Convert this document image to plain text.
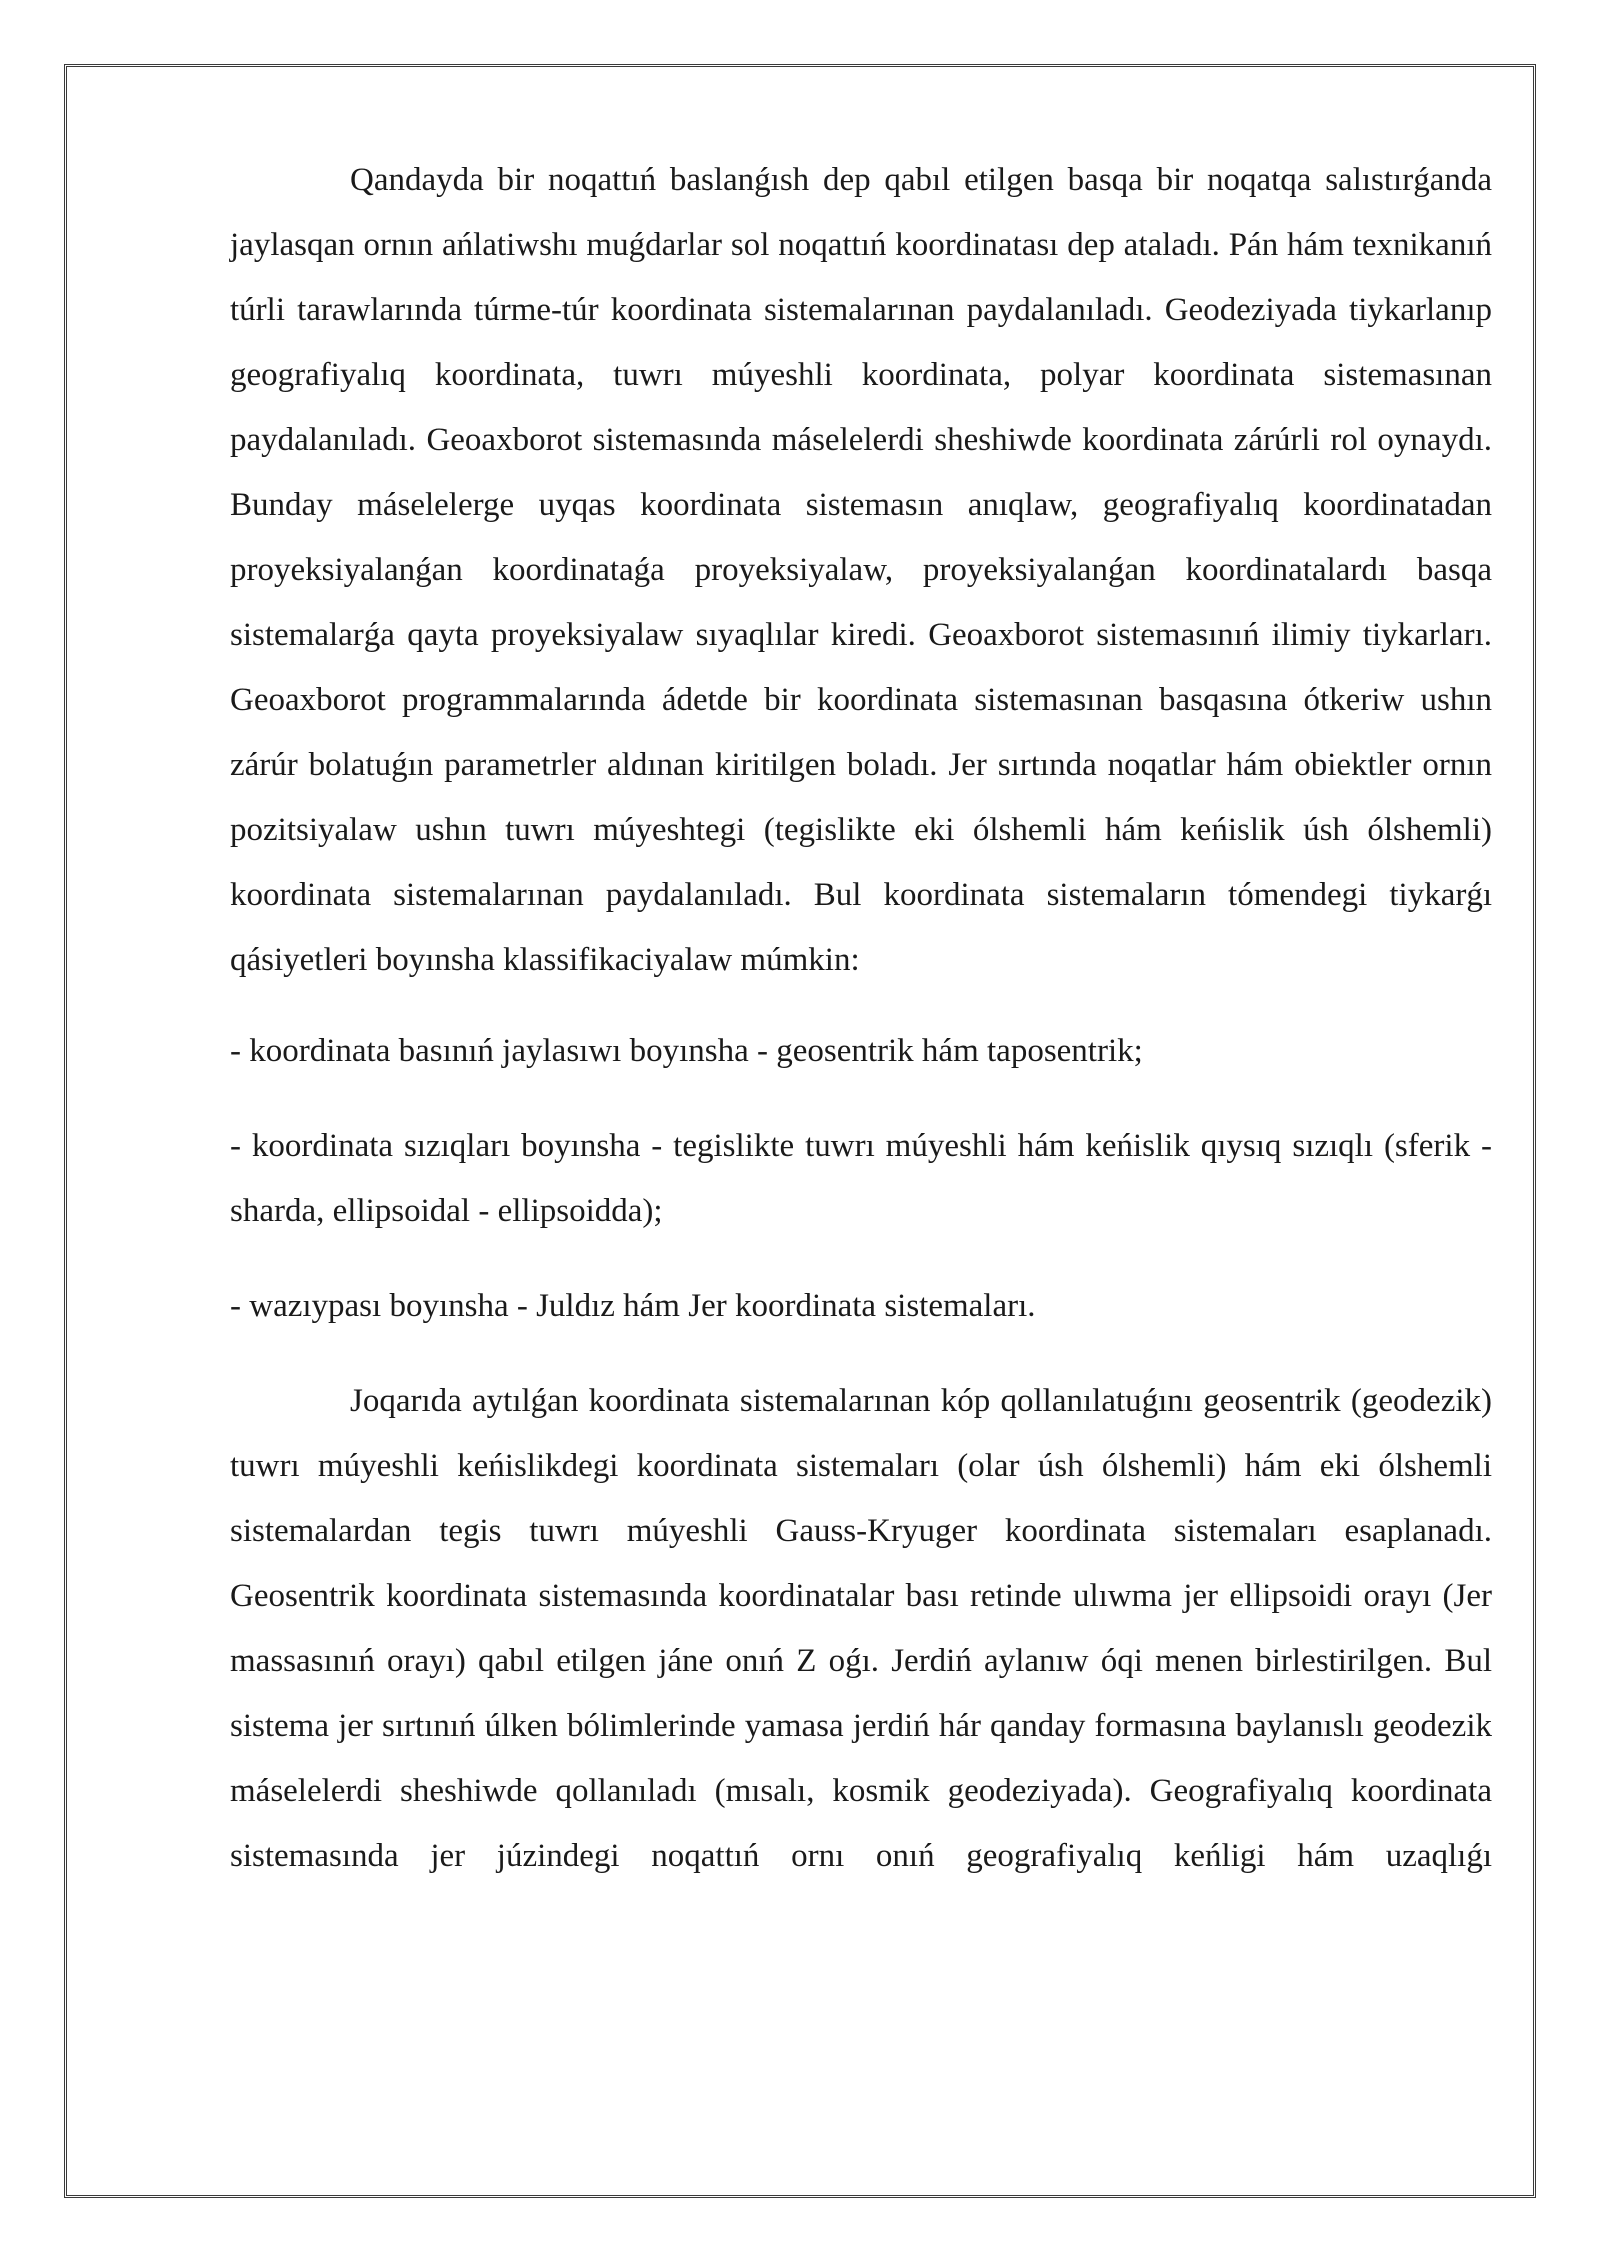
Qandayda bir noqattıń baslanǵısh dep qabıl etilgen basqa bir noqatqa salıstırǵanda jaylasqan ornın ańlatiwshı muǵdarlar sol noqattıń koordinatası dep ataladı. Pán hám texnikanıń túrli tarawlarında túrme-túr koordinata sistemalarınan paydalanıladı. Geodeziyada tiykarlanıp geografiyalıq koordinata, tuwrı múyeshli koordinata, polyar koordinata sistemasınan paydalanıladı. Geoaxborot sistemasında máselelerdi sheshiwde koordinata zárúrli rol oynaydı. Bunday máselelerge uyqas koordinata sistemasın anıqlaw, geografiyalıq koordinatadan proyeksiyalanǵan koordinataǵa proyeksiyalaw, proyeksiyalanǵan koordinatalardı basqa sistemalarǵa qayta proyeksiyalaw sıyaqlılar kiredi. Geoaxborot sistemasınıń ilimiy tiykarları. Geoaxborot programmalarında ádetde bir koordinata sistemasınan basqasına ótkeriw ushın zárúr bolatuǵın parametrler aldınan kiritilgen boladı. Jer sırtında noqatlar hám obiektler ornın pozitsiyalaw ushın tuwrı múyeshtegi (tegislikte eki ólshemli hám keńislik úsh ólshemli) koordinata sistemalarınan paydalanıladı. Bul koordinata sistemaların tómendegi tiykarǵı qásiyetleri boyınsha klassifikaciyalaw múmkin:

- koordinata basınıń jaylasıwı boyınsha - geosentrik hám taposentrik;

- koordinata sızıqları boyınsha - tegislikte tuwrı múyeshli hám keńislik qıysıq sızıqlı (sferik - sharda, ellipsoidal - ellipsoidda);

- wazıypası boyınsha - Juldız hám Jer koordinata sistemaları.

Joqarıda aytılǵan koordinata sistemalarınan kóp qollanılatuǵını geosentrik (geodezik) tuwrı múyeshli keńislikdegi koordinata sistemaları (olar úsh ólshemli) hám eki ólshemli sistemalardan tegis tuwrı múyeshli Gauss-Kryuger koordinata sistemaları esaplanadı. Geosentrik koordinata sistemasında koordinatalar bası retinde ulıwma jer ellipsoidi orayı (Jer massasınıń orayı) qabıl etilgen jáne onıń Z oǵı. Jerdiń aylanıw óqi menen birlestirilgen. Bul sistema jer sırtınıń úlken bólimlerinde yamasa jerdiń hár qanday formasına baylanıslı geodezik máselelerdi sheshiwde qollanıladı (mısalı, kosmik geodeziyada). Geografiyalıq koordinata sistemasında jer júzindegi noqattıń ornı onıń geografiyalıq keńligi hám uzaqlıǵı
